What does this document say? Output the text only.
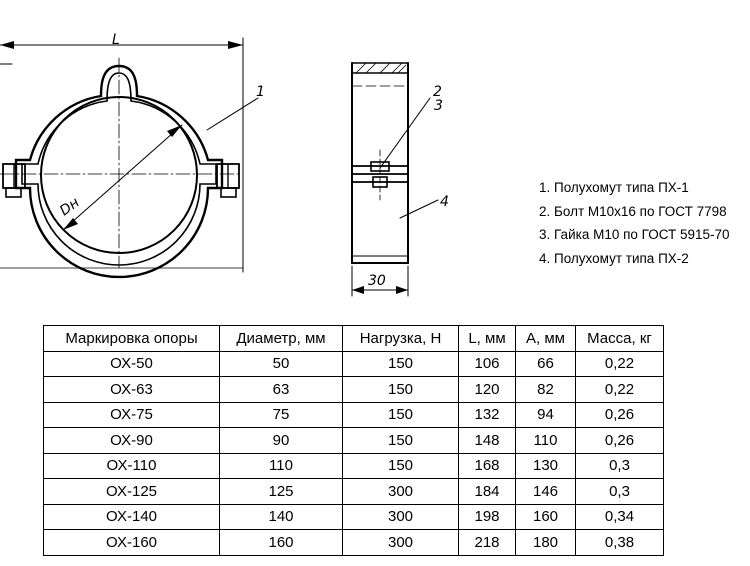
L
Dн
1
30
2
3
4
1. Полухомут типа ПХ-1
2. Болт М10х16 по ГОСТ 7798
3. Гайка М10 по ГОСТ 5915-70
4. Полухомут типа ПХ-2
Маркировка опоры	Диаметр, мм	Нагрузка, Н	L, мм	А, мм	Масса, кг
ОХ-50	50	150	106	66	0,22
ОХ-63	63	150	120	82	0,22
ОХ-75	75	150	132	94	0,26
ОХ-90	90	150	148	110	0,26
ОХ-110	110	150	168	130	0,3
ОХ-125	125	300	184	146	0,3
ОХ-140	140	300	198	160	0,34
ОХ-160	160	300	218	180	0,38
